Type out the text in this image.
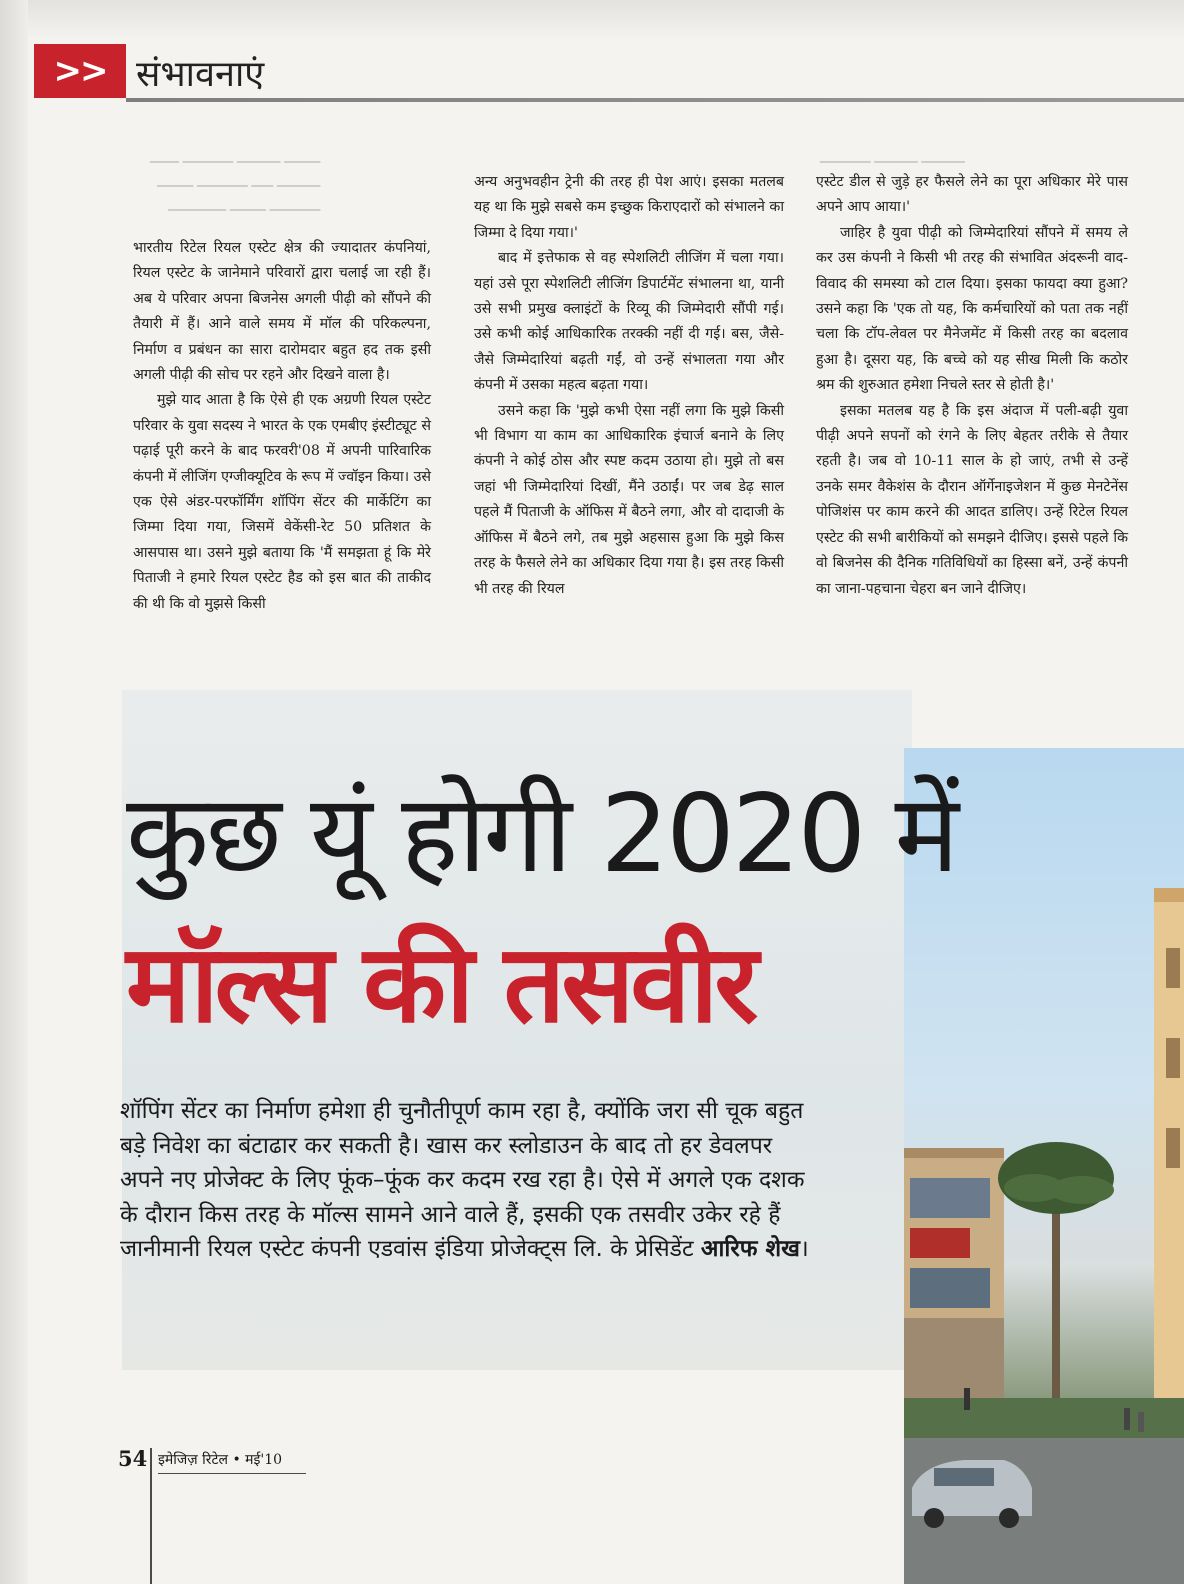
>> संभावनाएं
━━━━━ ━━━━━━ ━━━━━━━ ━━━━
━━━━━━ ━━━ ━━━━━━━ ━━━━━
━━━━━━━ ━━━━━ ━━━━━━━━
━━━━━━ ━━━━━━ ━━━━━━━

भारतीय रिटेल रियल एस्टेट क्षेत्र की ज्यादातर कंपनियां, रियल एस्टेट के जानेमाने परिवारों द्वारा चलाई जा रही हैं। अब ये परिवार अपना बिजनेस अगली पीढ़ी को सौंपने की तैयारी में हैं। आने वाले समय में मॉल की परिकल्पना, निर्माण व प्रबंधन का सारा दारोमदार बहुत हद तक इसी अगली पीढ़ी की सोच पर रहने और दिखने वाला है।

मुझे याद आता है कि ऐसे ही एक अग्रणी रियल एस्टेट परिवार के युवा सदस्य ने भारत के एक एमबीए इंस्टीट्यूट से पढ़ाई पूरी करने के बाद फरवरी'08 में अपनी पारिवारिक कंपनी में लीजिंग एग्जीक्यूटिव के रूप में ज्वॉइन किया। उसे एक ऐसे अंडर-परफॉर्मिंग शॉपिंग सेंटर की मार्केटिंग का जिम्मा दिया गया, जिसमें वेकेंसी-रेट 50 प्रतिशत के आसपास था। उसने मुझे बताया कि 'मैं समझता हूं कि मेरे पिताजी ने हमारे रियल एस्टेट हैड को इस बात की ताकीद की थी कि वो मुझसे किसी

अन्य अनुभवहीन ट्रेनी की तरह ही पेश आएं। इसका मतलब यह था कि मुझे सबसे कम इच्छुक किराएदारों को संभालने का जिम्मा दे दिया गया।'

बाद में इत्तेफाक से वह स्पेशलिटी लीजिंग में चला गया। यहां उसे पूरा स्पेशलिटी लीजिंग डिपार्टमेंट संभालना था, यानी उसे सभी प्रमुख क्लाइंटों के रिव्यू की जिम्मेदारी सौंपी गई। उसे कभी कोई आधिकारिक तरक्की नहीं दी गई। बस, जैसे-जैसे जिम्मेदारियां बढ़ती गईं, वो उन्हें संभालता गया और कंपनी में उसका महत्व बढ़ता गया।

उसने कहा कि 'मुझे कभी ऐसा नहीं लगा कि मुझे किसी भी विभाग या काम का आधिकारिक इंचार्ज बनाने के लिए कंपनी ने कोई ठोस और स्पष्ट कदम उठाया हो। मुझे तो बस जहां भी जिम्मेदारियां दिखीं, मैंने उठाईं। पर जब डेढ़ साल पहले मैं पिताजी के ऑफिस में बैठने लगा, और वो दादाजी के ऑफिस में बैठने लगे, तब मुझे अहसास हुआ कि मुझे किस तरह के फैसले लेने का अधिकार दिया गया है। इस तरह किसी भी तरह की रियल

एस्टेट डील से जुड़े हर फैसले लेने का पूरा अधिकार मेरे पास अपने आप आया।'

जाहिर है युवा पीढ़ी को जिम्मेदारियां सौंपने में समय ले कर उस कंपनी ने किसी भी तरह की संभावित अंदरूनी वाद-विवाद की समस्या को टाल दिया। इसका फायदा क्या हुआ? उसने कहा कि 'एक तो यह, कि कर्मचारियों को पता तक नहीं चला कि टॉप-लेवल पर मैनेजमेंट में किसी तरह का बदलाव हुआ है। दूसरा यह, कि बच्चे को यह सीख मिली कि कठोर श्रम की शुरुआत हमेशा निचले स्तर से होती है।'

इसका मतलब यह है कि इस अंदाज में पली-बढ़ी युवा पीढ़ी अपने सपनों को रंगने के लिए बेहतर तरीके से तैयार रहती है। जब वो 10-11 साल के हो जाएं, तभी से उन्हें उनके समर वैकेशंस के दौरान ऑर्गेनाइजेशन में कुछ मेनटेनेंस पोजिशंस पर काम करने की आदत डालिए। उन्हें रिटेल रियल एस्टेट की सभी बारीकियों को समझने दीजिए। इससे पहले कि वो बिजनेस की दैनिक गतिविधियों का हिस्सा बनें, उन्हें कंपनी का जाना-पहचाना चेहरा बन जाने दीजिए।

कुछ यूं होगी 2020 में
मॉल्स की तसवीर
शॉपिंग सेंटर का निर्माण हमेशा ही चुनौतीपूर्ण काम रहा है, क्योंकि जरा सी चूक बहुत बड़े निवेश का बंटाढार कर सकती है। खास कर स्लोडाउन के बाद तो हर डेवलपर अपने नए प्रोजेक्ट के लिए फूंक–फूंक कर कदम रख रहा है। ऐसे में अगले एक दशक के दौरान किस तरह के मॉल्स सामने आने वाले हैं, इसकी एक तसवीर उकेर रहे हैं जानीमानी रियल एस्टेट कंपनी एडवांस इंडिया प्रोजेक्ट्स लि. के प्रेसिडेंट आरिफ शेख।
54 इमेजिज़ रिटेल • मई'10
